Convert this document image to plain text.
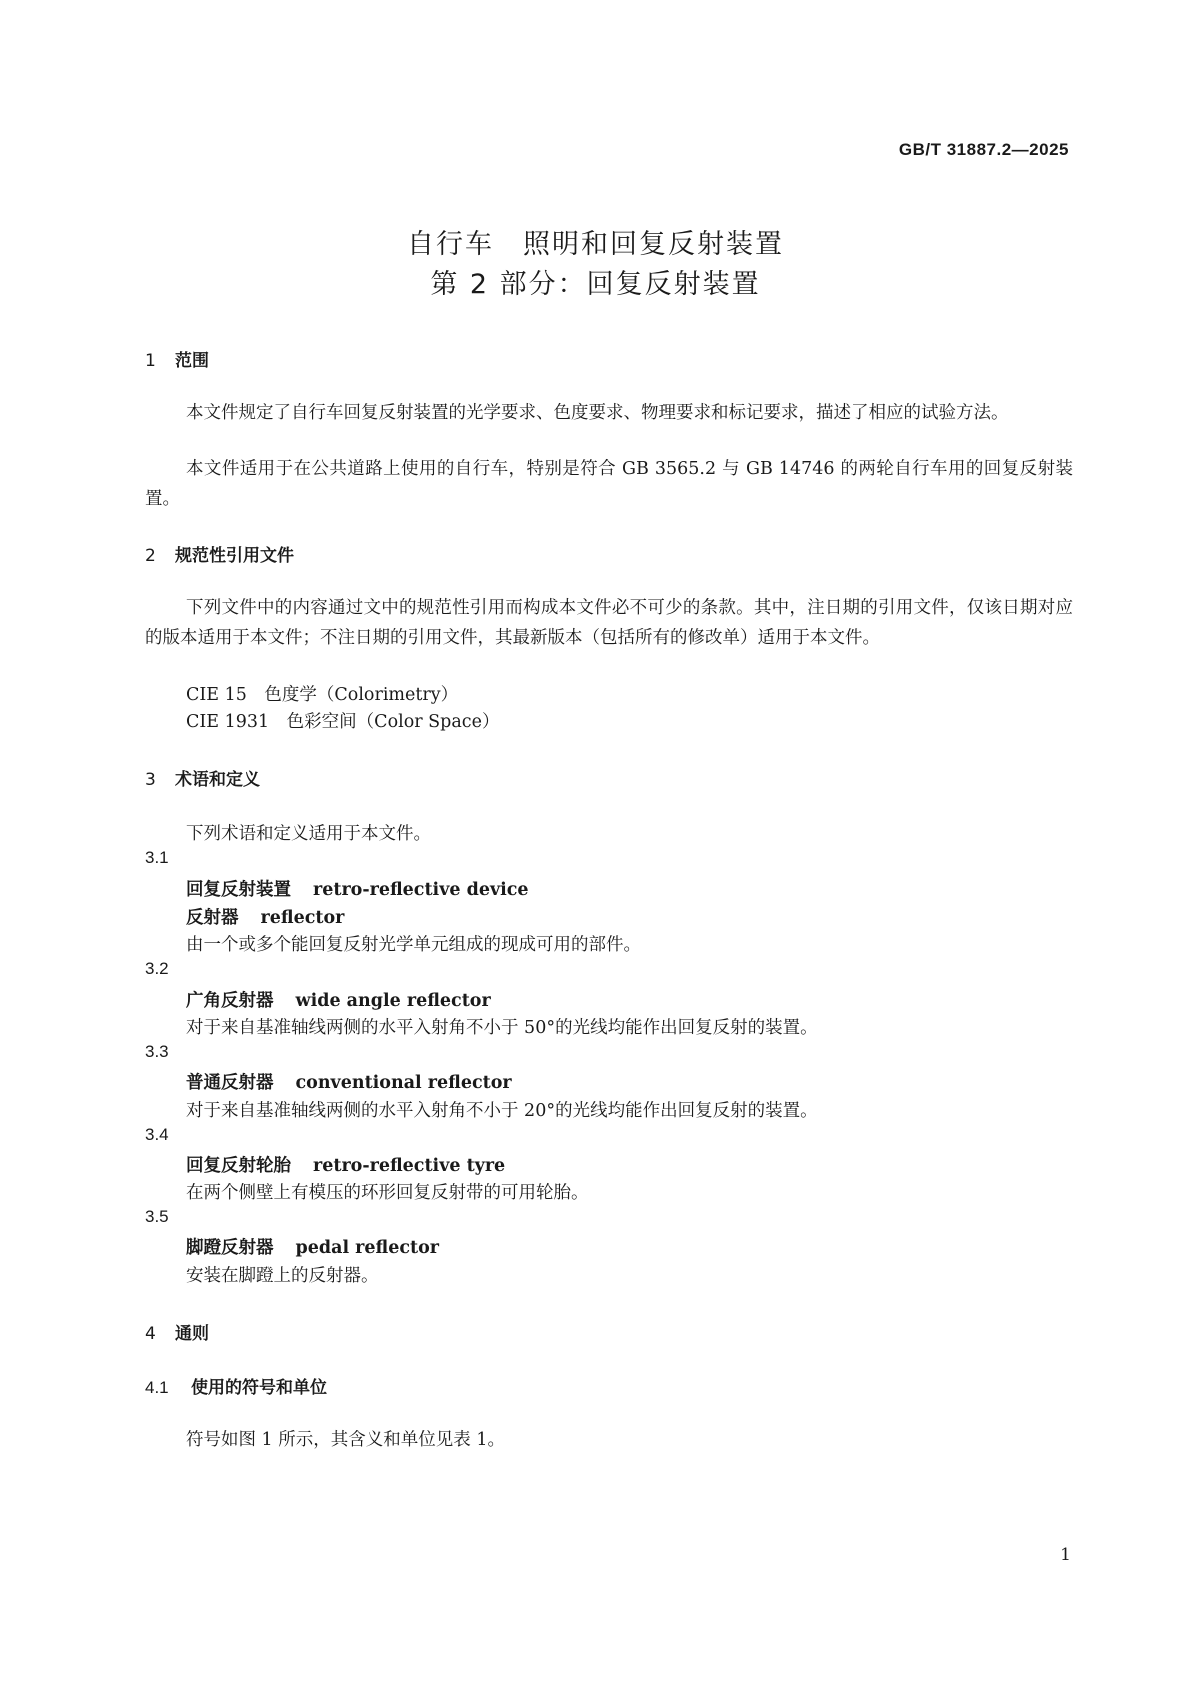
GB/T 31887.2—2025
自行车　照明和回复反射装置
第 2 部分：回复反射装置
1 范围
本文件规定了自行车回复反射装置的光学要求、色度要求、物理要求和标记要求，描述了相应的试验方法。
本文件适用于在公共道路上使用的自行车，特别是符合 GB 3565.2 与 GB 14746 的两轮自行车用的回复反射装置。
2 规范性引用文件
下列文件中的内容通过文中的规范性引用而构成本文件必不可少的条款。其中，注日期的引用文件，仅该日期对应的版本适用于本文件；不注日期的引用文件，其最新版本（包括所有的修改单）适用于本文件。
CIE 15　色度学（Colorimetry）
CIE 1931　色彩空间（Color Space）
3 术语和定义
下列术语和定义适用于本文件。
3.1
回复反射装置 retro-reflective device
反射器 reflector
由一个或多个能回复反射光学单元组成的现成可用的部件。
3.2
广角反射器 wide angle reflector
对于来自基准轴线两侧的水平入射角不小于 50°的光线均能作出回复反射的装置。
3.3
普通反射器 conventional reflector
对于来自基准轴线两侧的水平入射角不小于 20°的光线均能作出回复反射的装置。
3.4
回复反射轮胎 retro-reflective tyre
在两个侧壁上有模压的环形回复反射带的可用轮胎。
3.5
脚蹬反射器 pedal reflector
安装在脚蹬上的反射器。
4 通则
4.1 使用的符号和单位
符号如图 1 所示，其含义和单位见表 1。
1
